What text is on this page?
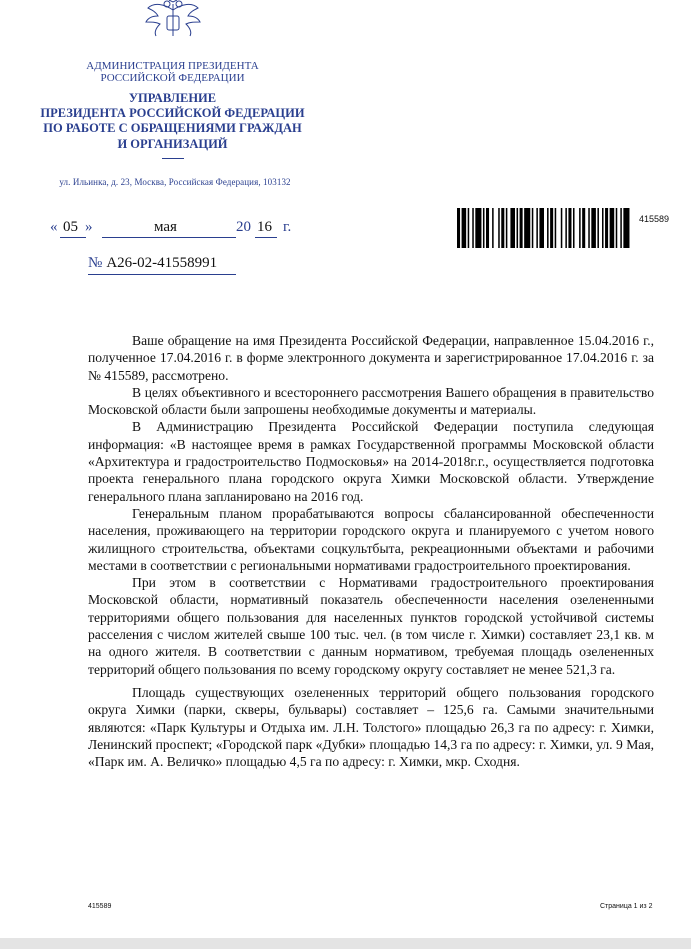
АДМИНИСТРАЦИЯ ПРЕЗИДЕНТА
РОССИЙСКОЙ ФЕДЕРАЦИИ
УПРАВЛЕНИЕ
ПРЕЗИДЕНТА РОССИЙСКОЙ ФЕДЕРАЦИИ
ПО РАБОТЕ С ОБРАЩЕНИЯМИ ГРАЖДАН
И ОРГАНИЗАЦИЙ
ул. Ильинка, д. 23, Москва, Российская Федерация, 103132
« 05 »	мая	20 16 г.
№ А26-02-41558991
415589

Ваше обращение на имя Президента Российской Федерации, направленное 15.04.2016 г., полученное 17.04.2016 г. в форме электронного документа и зарегистрированное 17.04.2016 г. за № 415589, рассмотрено.

В целях объективного и всестороннего рассмотрения Вашего обращения в правительство Московской области были запрошены необходимые документы и материалы.

В Администрацию Президента Российской Федерации поступила следующая информация: «В настоящее время в рамках Государственной программы Московской области «Архитектура и градостроительство Подмосковья» на 2014-2018г.г., осуществляется подготовка проекта генерального плана городского округа Химки Московской области. Утверждение генерального плана запланировано на 2016 год.

Генеральным планом прорабатываются вопросы сбалансированной обеспеченности населения, проживающего на территории городского округа и планируемого с учетом нового жилищного строительства, объектами соцкультбыта, рекреационными объектами и рабочими местами в соответствии с региональными нормативами градостроительного проектирования.

При этом в соответствии с Нормативами градостроительного проектирования Московской области, нормативный показатель обеспеченности населения озелененными территориями общего пользования для населенных пунктов городской устойчивой системы расселения с числом жителей свыше 100 тыс. чел. (в том числе г. Химки) составляет 23,1 кв. м на одного жителя. В соответствии с данным нормативом, требуемая площадь озелененных территорий общего пользования по всему городскому округу составляет не менее 521,3 га.

Площадь существующих озелененных территорий общего пользования городского округа Химки (парки, скверы, бульвары) составляет – 125,6 га. Самыми значительными являются: «Парк Культуры и Отдыха им. Л.Н. Толстого» площадью 26,3 га по адресу: г. Химки, Ленинский проспект; «Городской парк «Дубки» площадью 14,3 га по адресу: г. Химки, ул. 9 Мая, «Парк им. А. Величко» площадью 4,5 га по адресу: г. Химки, мкр. Сходня.

415589	Страница 1 из 2
